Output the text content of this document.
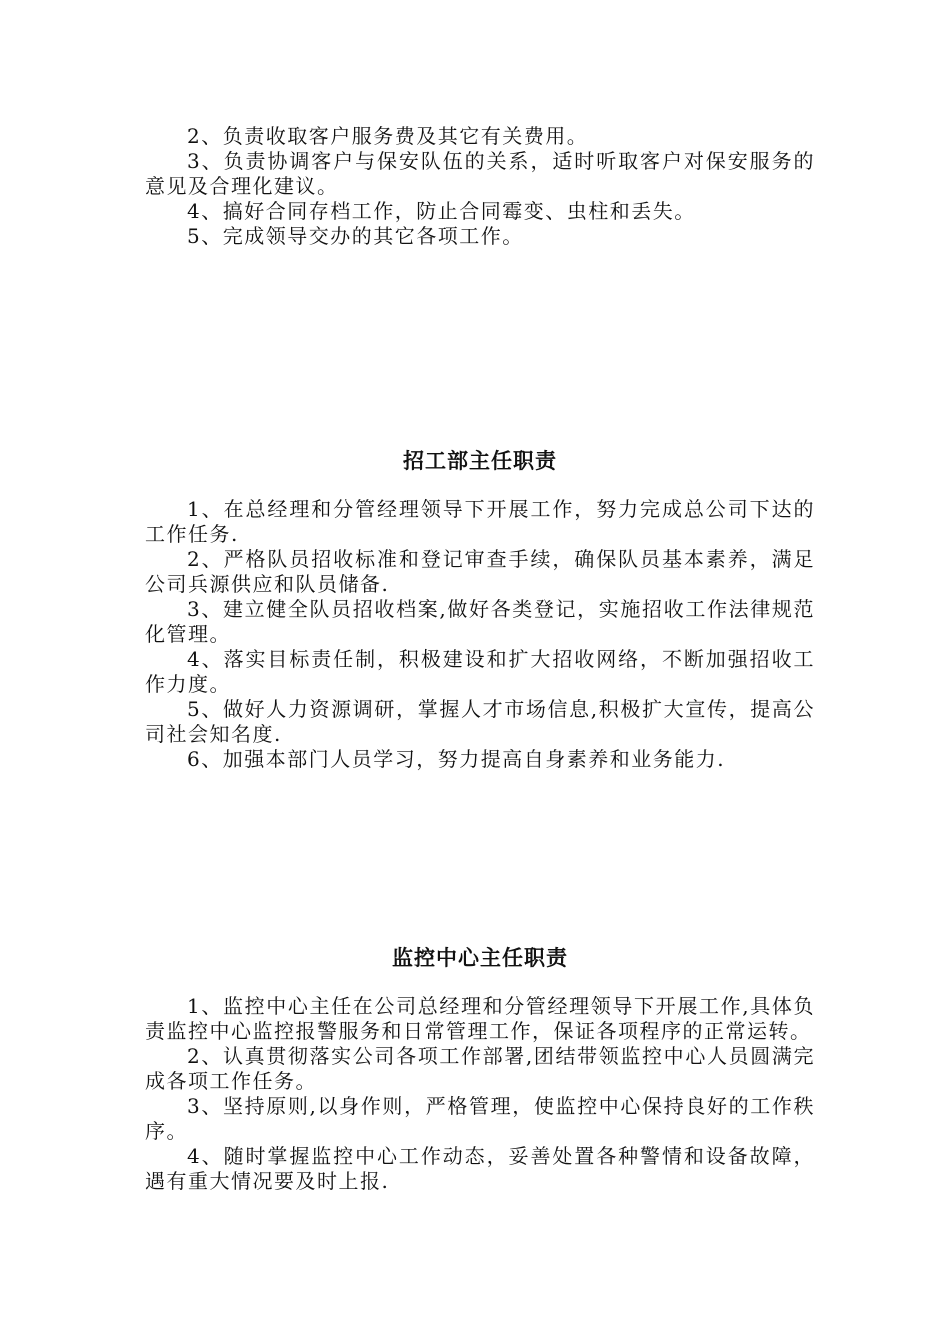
2、负责收取客户服务费及其它有关费用。

3、负责协调客户与保安队伍的关系，适时听取客户对保安服务的意见及合理化建议。

4、搞好合同存档工作，防止合同霉变、虫柱和丢失。

5、完成领导交办的其它各项工作。

招工部主任职责

1、在总经理和分管经理领导下开展工作，努力完成总公司下达的工作任务.

2、严格队员招收标准和登记审查手续，确保队员基本素养，满足公司兵源供应和队员储备.

3、建立健全队员招收档案,做好各类登记，实施招收工作法律规范化管理。

4、落实目标责任制，积极建设和扩大招收网络，不断加强招收工作力度。

5、做好人力资源调研，掌握人才市场信息,积极扩大宣传，提高公司社会知名度.

6、加强本部门人员学习，努力提高自身素养和业务能力.

监控中心主任职责

1、监控中心主任在公司总经理和分管经理领导下开展工作,具体负责监控中心监控报警服务和日常管理工作，保证各项程序的正常运转。

2、认真贯彻落实公司各项工作部署,团结带领监控中心人员圆满完成各项工作任务。

3、坚持原则,以身作则，严格管理，使监控中心保持良好的工作秩序。

4、随时掌握监控中心工作动态，妥善处置各种警情和设备故障，遇有重大情况要及时上报.
